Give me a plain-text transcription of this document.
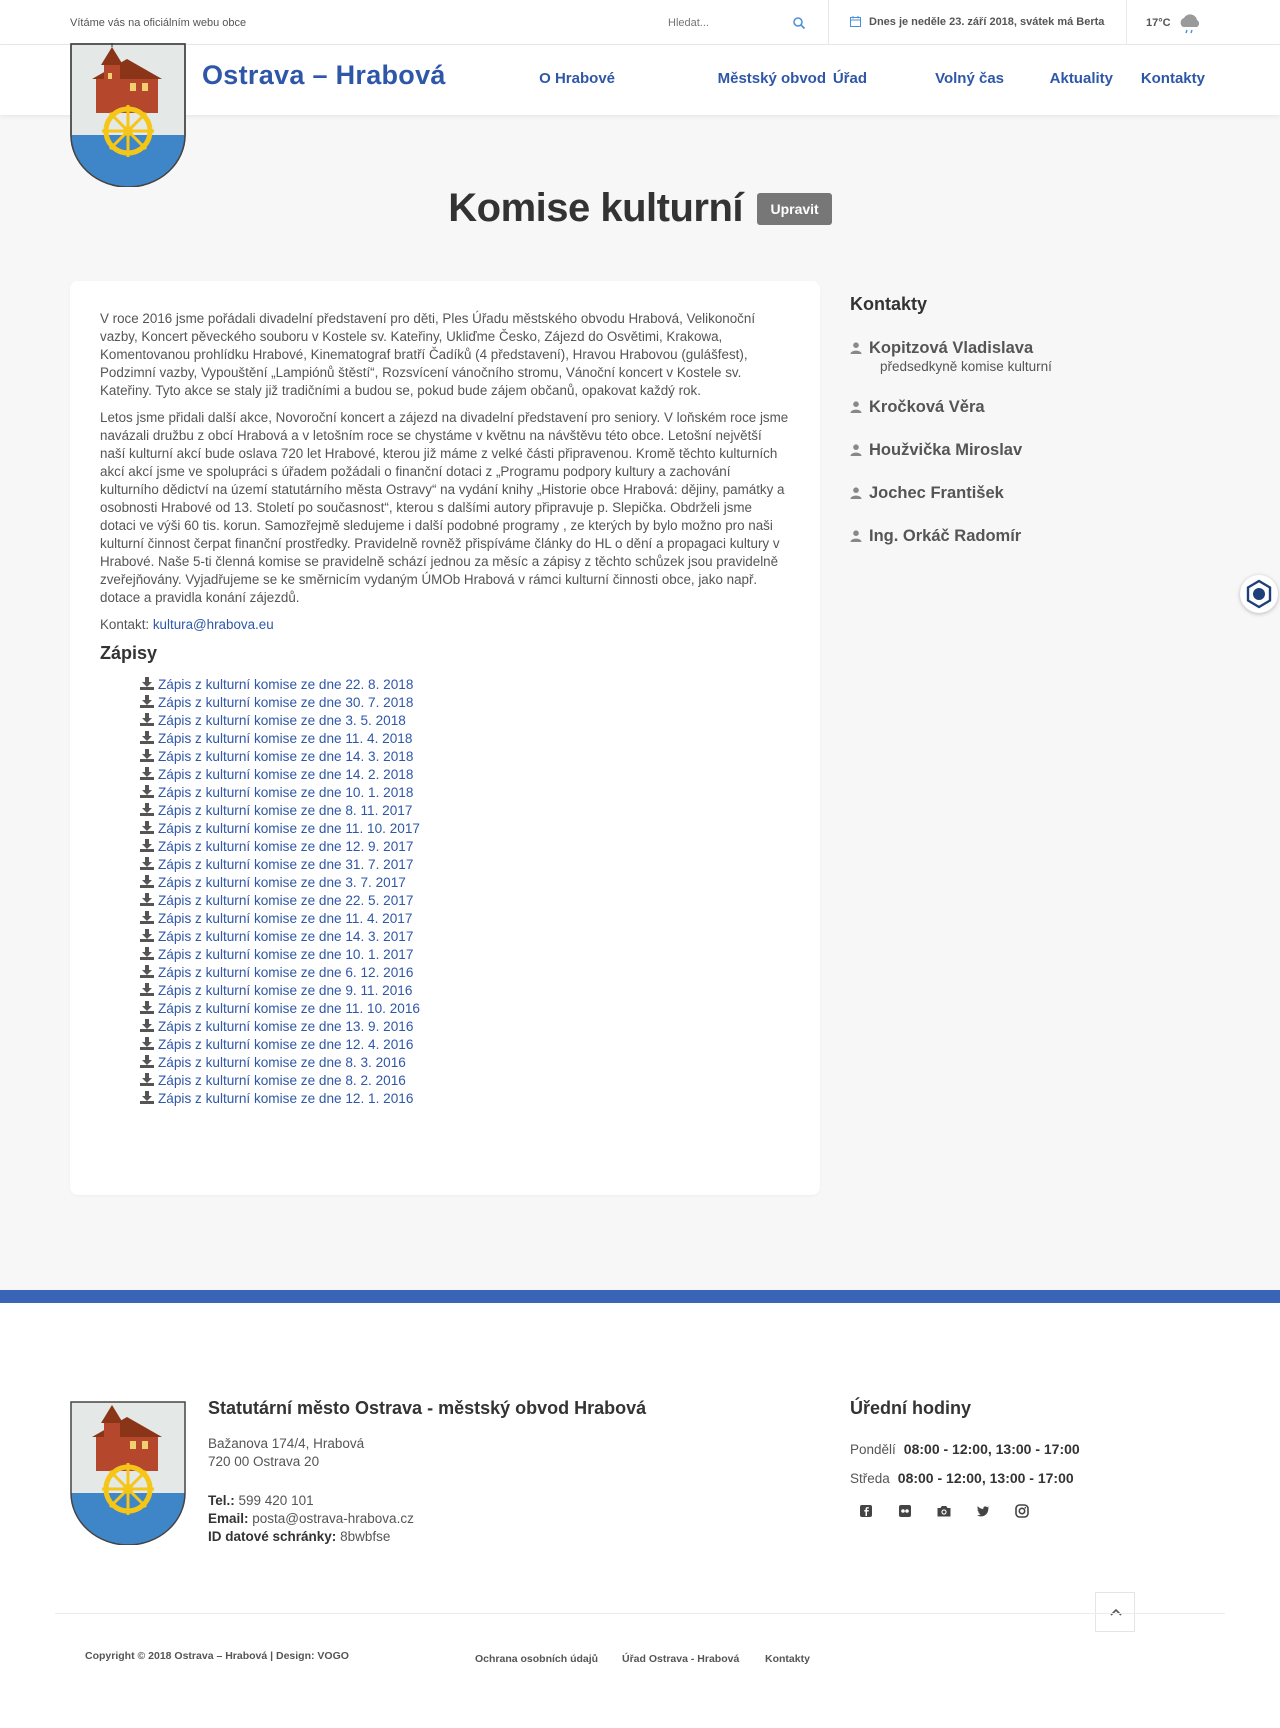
Vítáme vás na oficiálním webu obce
Hledat...	Dnes je neděle 23. září 2018, svátek má Berta	17°C
Ostrava – Hrabová	O Hrabové	Městský obvod Úřad	Volný čas	Aktuality Kontakty
Komise kulturní Upravit

V roce 2016 jsme pořádali divadelní představení pro děti, Ples Úřadu městského obvodu Hrabová, Velikonoční vazby, Koncert pěveckého souboru v Kostele sv. Kateřiny, Ukliďme Česko, Zájezd do Osvětimi, Krakowa, Komentovanou prohlídku Hrabové, Kinematograf bratří Čadíků (4 představení), Hravou Hrabovou (gulášfest), Podzimní vazby, Vypouštění „Lampiónů štěstí“, Rozsvícení vánočního stromu, Vánoční koncert v Kostele sv. Kateřiny. Tyto akce se staly již tradičními a budou se, pokud bude zájem občanů, opakovat každý rok.

Letos jsme přidali další akce, Novoroční koncert a zájezd na divadelní představení pro seniory. V loňském roce jsme navázali družbu z obcí Hrabová a v letošním roce se chystáme v květnu na návštěvu této obce. Letošní největší naší kulturní akcí bude oslava 720 let Hrabové, kterou již máme z velké části připravenou. Kromě těchto kulturních akcí akcí jsme ve spolupráci s úřadem požádali o finanční dotaci z „Programu podpory kultury a zachování kulturního dědictví na území statutárního města Ostravy“ na vydání knihy „Historie obce Hrabová: dějiny, památky a osobnosti Hrabové od 13. Století po současnost“, kterou s dalšími autory připravuje p. Slepička. Obdrželi jsme dotaci ve výši 60 tis. korun. Samozřejmě sledujeme i další podobné programy , ze kterých by bylo možno pro naši kulturní činnost čerpat finanční prostředky. Pravidelně rovněž přispíváme články do HL o dění a propagaci kultury v Hrabové. Naše 5-ti členná komise se pravidelně schází jednou za měsíc a zápisy z těchto schůzek jsou pravidelně zveřejňovány. Vyjadřujeme se ke směrnicím vydaným ÚMOb Hrabová v rámci kulturní činnosti obce, jako např. dotace a pravidla konání zájezdů.

Kontakt: kultura@hrabova.eu

Zápisy
Zápis z kulturní komise ze dne 22. 8. 2018
Zápis z kulturní komise ze dne 30. 7. 2018
Zápis z kulturní komise ze dne 3. 5. 2018
Zápis z kulturní komise ze dne 11. 4. 2018
Zápis z kulturní komise ze dne 14. 3. 2018
Zápis z kulturní komise ze dne 14. 2. 2018
Zápis z kulturní komise ze dne 10. 1. 2018
Zápis z kulturní komise ze dne 8. 11. 2017
Zápis z kulturní komise ze dne 11. 10. 2017
Zápis z kulturní komise ze dne 12. 9. 2017
Zápis z kulturní komise ze dne 31. 7. 2017
Zápis z kulturní komise ze dne 3. 7. 2017
Zápis z kulturní komise ze dne 22. 5. 2017
Zápis z kulturní komise ze dne 11. 4. 2017
Zápis z kulturní komise ze dne 14. 3. 2017
Zápis z kulturní komise ze dne 10. 1. 2017
Zápis z kulturní komise ze dne 6. 12. 2016
Zápis z kulturní komise ze dne 9. 11. 2016
Zápis z kulturní komise ze dne 11. 10. 2016
Zápis z kulturní komise ze dne 13. 9. 2016
Zápis z kulturní komise ze dne 12. 4. 2016
Zápis z kulturní komise ze dne 8. 3. 2016
Zápis z kulturní komise ze dne 8. 2. 2016
Zápis z kulturní komise ze dne 12. 1. 2016
Kontakty
Kopitzová Vladislava
předsedkyně komise kulturní
Kročková Věra
Houžvička Miroslav
Jochec František
Ing. Orkáč Radomír
Statutární město Ostrava - městský obvod Hrabová
Bažanova 174/4, Hrabová
720 00 Ostrava 20
Tel.: 599 420 101
Email: posta@ostrava-hrabova.cz
ID datové schránky: 8bwbfse
Úřední hodiny
Pondělí 08:00 - 12:00, 13:00 - 17:00
Středa 08:00 - 12:00, 13:00 - 17:00
Copyright © 2018 Ostrava – Hrabová | Design: VOGO	Ochrana osobních údajů Úřad Ostrava - Hrabová Kontakty
